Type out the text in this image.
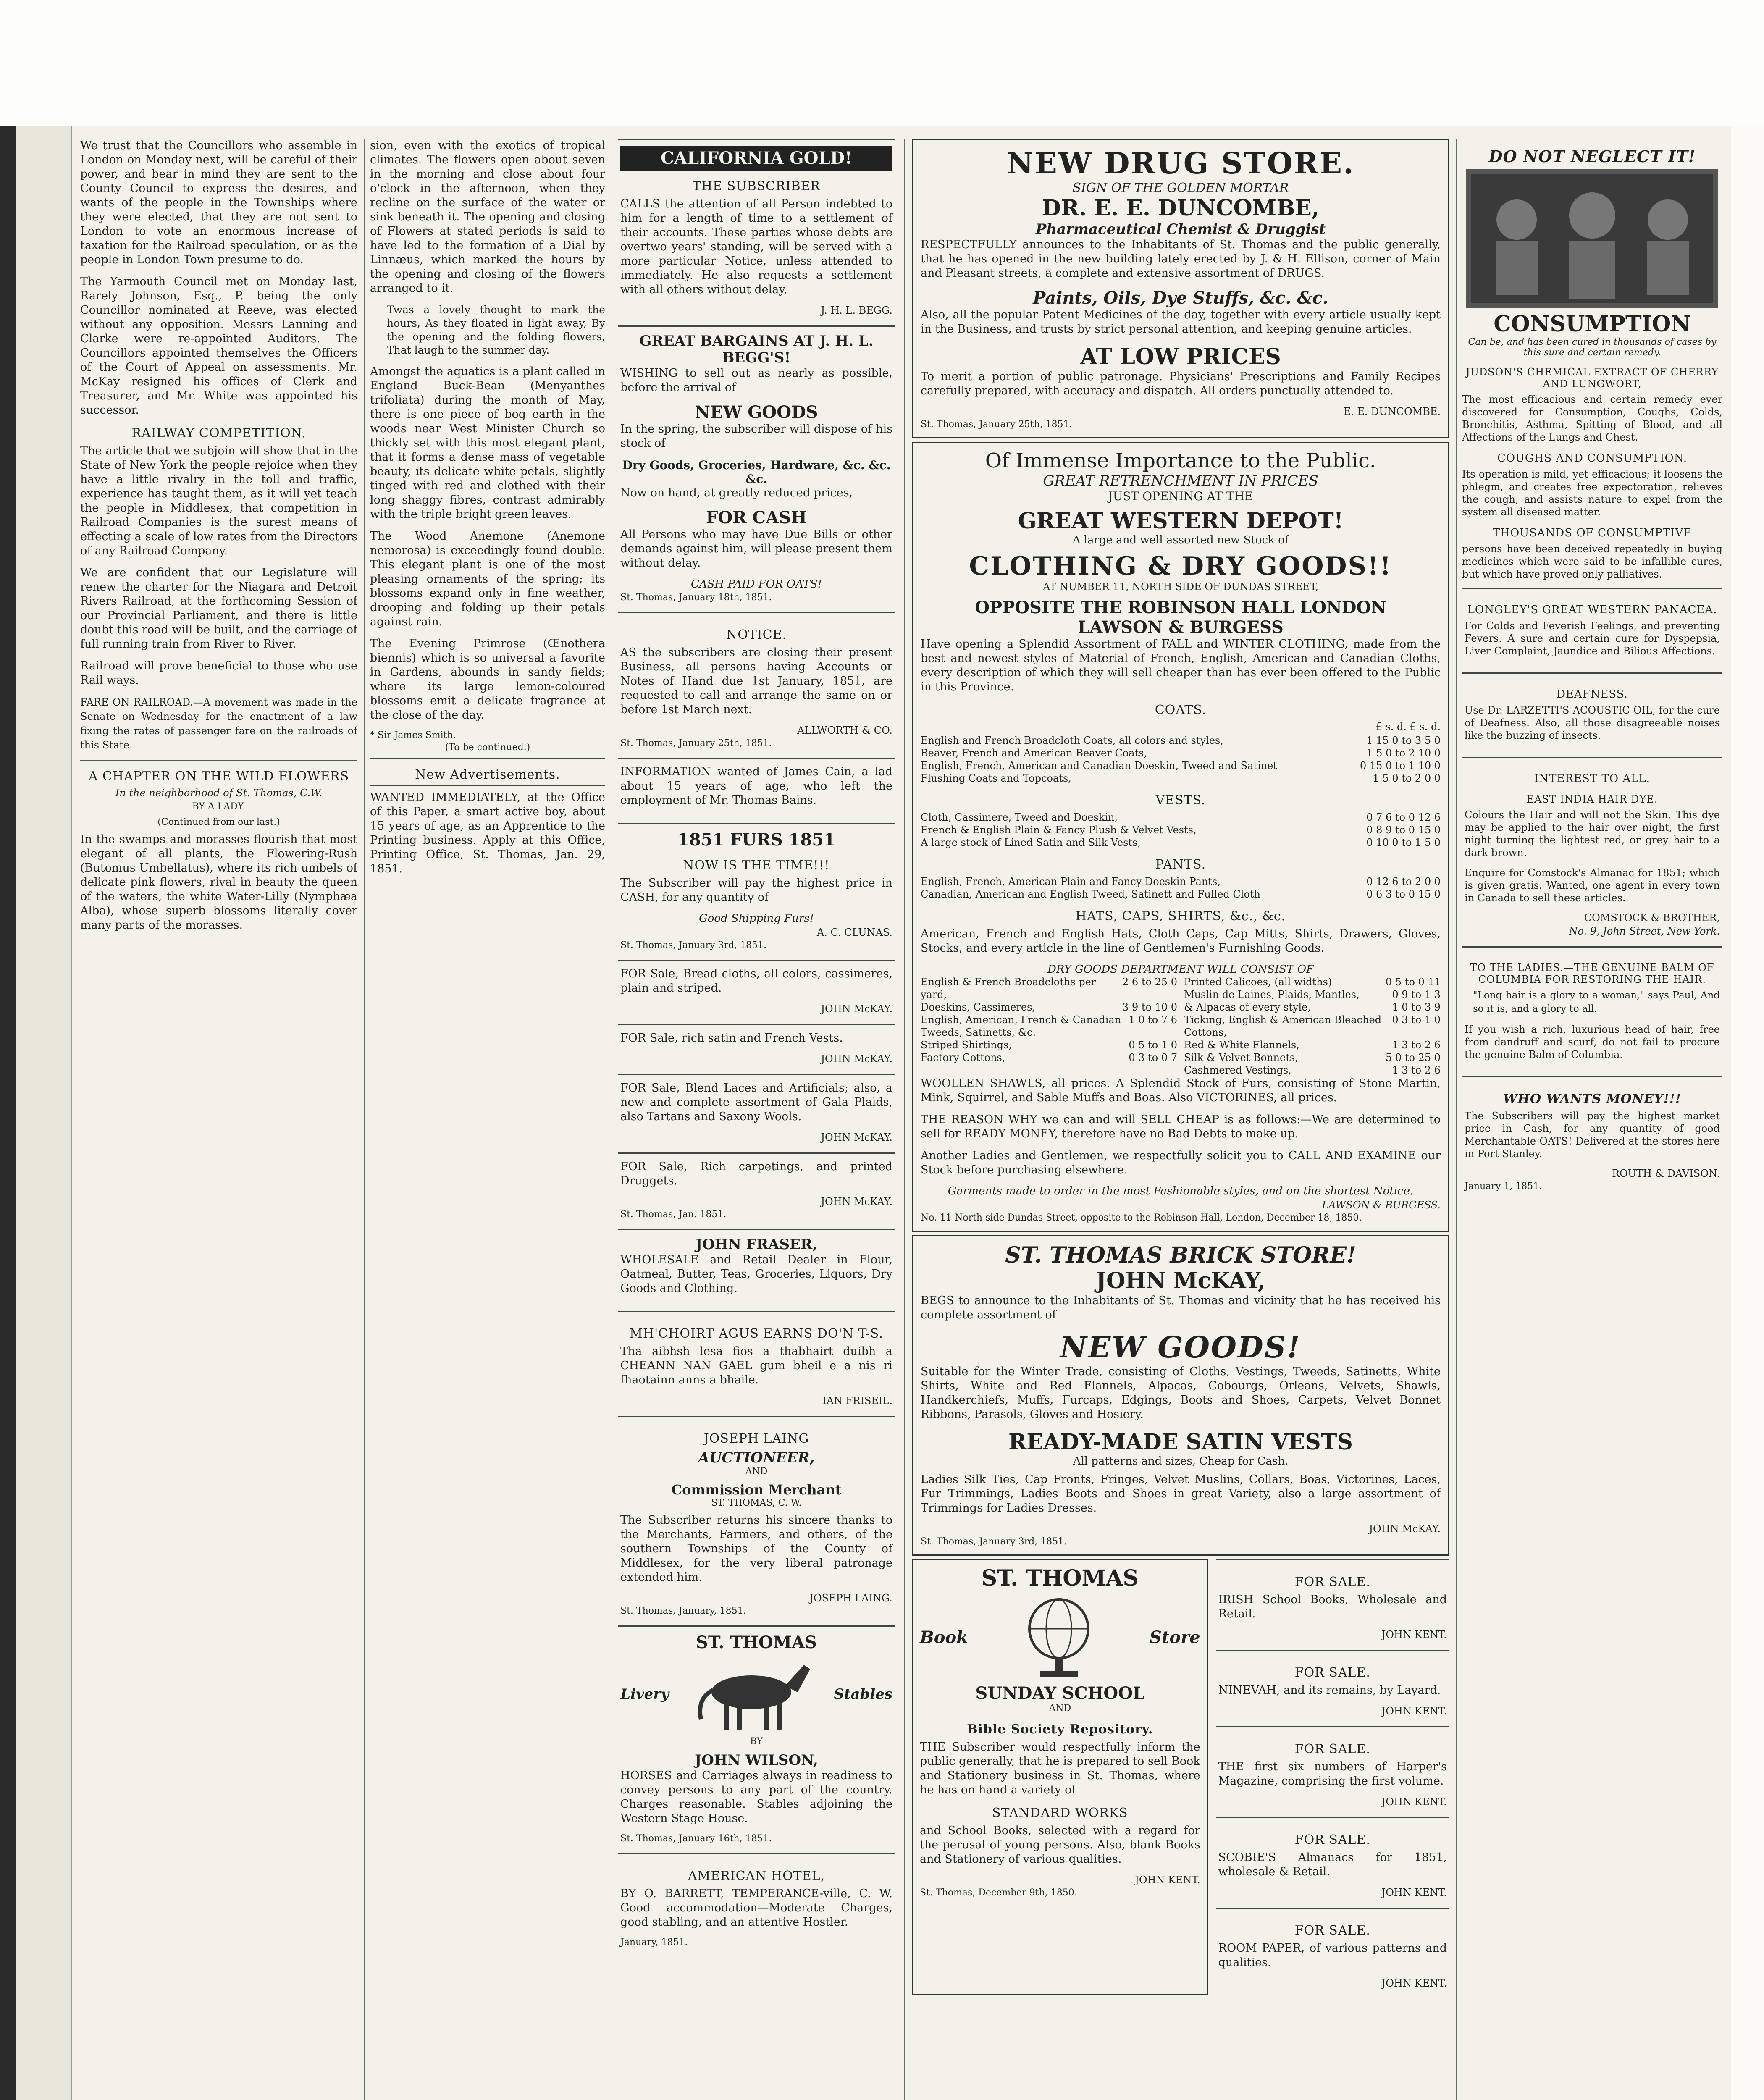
We trust that the Councillors who assemble in London on Monday next, will be careful of their power, and bear in mind they are sent to the County Council to express the desires, and wants of the people in the Townships where they were elected, that they are not sent to London to vote an enormous increase of taxation for the Railroad speculation, or as the people in London Town presume to do.

The Yarmouth Council met on Monday last, Rarely Johnson, Esq., P. being the only Councillor nominated at Reeve, was elected without any opposition. Messrs Lanning and Clarke were re-appointed Auditors. The Councillors appointed themselves the Officers of the Court of Appeal on assessments. Mr. McKay resigned his offices of Clerk and Treasurer, and Mr. White was appointed his successor.

RAILWAY COMPETITION.

The article that we subjoin will show that in the State of New York the people rejoice when they have a little rivalry in the toll and traffic, experience has taught them, as it will yet teach the people in Middlesex, that competition in Railroad Companies is the surest means of effecting a scale of low rates from the Directors of any Railroad Company.

We are confident that our Legislature will renew the charter for the Niagara and Detroit Rivers Railroad, at the forthcoming Session of our Provincial Parliament, and there is little doubt this road will be built, and the carriage of full running train from River to River.

Railroad will prove beneficial to those who use Rail ways.

FARE ON RAILROAD.—A movement was made in the Senate on Wednesday for the enactment of a law fixing the rates of passenger fare on the railroads of this State.

A CHAPTER ON THE WILD FLOWERS
In the neighborhood of St. Thomas, C.W.
BY A LADY.
(Continued from our last.)

In the swamps and morasses flourish that most elegant of all plants, the Flowering-Rush (Butomus Umbellatus), where its rich umbels of delicate pink flowers, rival in beauty the queen of the waters, the white Water-Lilly (Nymphæa Alba), whose superb blossoms literally cover many parts of the morasses.

sion, even with the exotics of tropical climates. The flowers open about seven in the morning and close about four o'clock in the afternoon, when they recline on the surface of the water or sink beneath it. The opening and closing of Flowers at stated periods is said to have led to the formation of a Dial by Linnæus, which marked the hours by the opening and closing of the flowers arranged to it.

Twas a lovely thought to mark the hours, As they floated in light away, By the opening and the folding flowers, That laugh to the summer day.

Amongst the aquatics is a plant called in England Buck-Bean (Menyanthes trifoliata) during the month of May, there is one piece of bog earth in the woods near West Minister Church so thickly set with this most elegant plant, that it forms a dense mass of vegetable beauty, its delicate white petals, slightly tinged with red and clothed with their long shaggy fibres, contrast admirably with the triple bright green leaves.

The Wood Anemone (Anemone nemorosa) is exceedingly found double. This elegant plant is one of the most pleasing ornaments of the spring; its blossoms expand only in fine weather, drooping and folding up their petals against rain.

The Evening Primrose (Œnothera biennis) which is so universal a favorite in Gardens, abounds in sandy fields; where its large lemon-coloured blossoms emit a delicate fragrance at the close of the day.

* Sir James Smith.
(To be continued.)
New Advertisements.

WANTED IMMEDIATELY, at the Office of this Paper, a smart active boy, about 15 years of age, as an Apprentice to the Printing business. Apply at this Office, Printing Office, St. Thomas, Jan. 29, 1851.

CALIFORNIA GOLD!
THE SUBSCRIBER

CALLS the attention of all Person indebted to him for a length of time to a settlement of their accounts. These parties whose debts are overtwo years' standing, will be served with a more particular Notice, unless attended to immediately. He also requests a settlement with all others without delay.

J. H. L. BEGG.
GREAT BARGAINS AT J. H. L. BEGG'S!

WISHING to sell out as nearly as possible, before the arrival of

NEW GOODS

In the spring, the subscriber will dispose of his stock of

Dry Goods, Groceries, Hardware, &c. &c. &c.

Now on hand, at greatly reduced prices,

FOR CASH

All Persons who may have Due Bills or other demands against him, will please present them without delay.

CASH PAID FOR OATS!
St. Thomas, January 18th, 1851.
NOTICE.

AS the subscribers are closing their present Business, all persons having Accounts or Notes of Hand due 1st January, 1851, are requested to call and arrange the same on or before 1st March next.

ALLWORTH & CO.
St. Thomas, January 25th, 1851.

INFORMATION wanted of James Cain, a lad about 15 years of age, who left the employment of Mr. Thomas Bains.

1851 FURS 1851
NOW IS THE TIME!!!

The Subscriber will pay the highest price in CASH, for any quantity of

Good Shipping Furs!
A. C. CLUNAS.
St. Thomas, January 3rd, 1851.

FOR Sale, Bread cloths, all colors, cassimeres, plain and striped.

JOHN McKAY.

FOR Sale, rich satin and French Vests.

JOHN McKAY.

FOR Sale, Blend Laces and Artificials; also, a new and complete assortment of Gala Plaids, also Tartans and Saxony Wools.

JOHN McKAY.

FOR Sale, Rich carpetings, and printed Druggets.

JOHN McKAY.
St. Thomas, Jan. 1851.
JOHN FRASER,

WHOLESALE and Retail Dealer in Flour, Oatmeal, Butter, Teas, Groceries, Liquors, Dry Goods and Clothing.

MH'CHOIRT AGUS EARNS DO'N T-S.

Tha aibhsh lesa fios a thabhairt duibh a CHEANN NAN GAEL gum bheil e a nis ri fhaotainn anns a bhaile.

IAN FRISEIL.
JOSEPH LAING
AUCTIONEER,
AND
Commission Merchant
ST. THOMAS, C. W.

The Subscriber returns his sincere thanks to the Merchants, Farmers, and others, of the southern Townships of the County of Middlesex, for the very liberal patronage extended him.

JOSEPH LAING.
St. Thomas, January, 1851.
ST. THOMAS
Livery	Stables
BY
JOHN WILSON,

HORSES and Carriages always in readiness to convey persons to any part of the country. Charges reasonable. Stables adjoining the Western Stage House.

St. Thomas, January 16th, 1851.
AMERICAN HOTEL,

BY O. BARRETT, TEMPERANCE-ville, C. W. Good accommodation—Moderate Charges, good stabling, and an attentive Hostler.

January, 1851.
NEW DRUG STORE.
SIGN OF THE GOLDEN MORTAR
DR. E. E. DUNCOMBE,
Pharmaceutical Chemist & Druggist

RESPECTFULLY announces to the Inhabitants of St. Thomas and the public generally, that he has opened in the new building lately erected by J. & H. Ellison, corner of Main and Pleasant streets, a complete and extensive assortment of DRUGS.

Paints, Oils, Dye Stuffs, &c. &c.

Also, all the popular Patent Medicines of the day, together with every article usually kept in the Business, and trusts by strict personal attention, and keeping genuine articles.

AT LOW PRICES

To merit a portion of public patronage. Physicians' Prescriptions and Family Recipes carefully prepared, with accuracy and dispatch. All orders punctually attended to.

E. E. DUNCOMBE.
St. Thomas, January 25th, 1851.
Of Immense Importance to the Public.
GREAT RETRENCHMENT IN PRICES
JUST OPENING AT THE
GREAT WESTERN DEPOT!
A large and well assorted new Stock of
CLOTHING & DRY GOODS!!
AT NUMBER 11, NORTH SIDE OF DUNDAS STREET,
OPPOSITE THE ROBINSON HALL LONDON
LAWSON & BURGESS

Have opening a Splendid Assortment of FALL and WINTER CLOTHING, made from the best and newest styles of Material of French, English, American and Canadian Cloths, every description of which they will sell cheaper than has ever been offered to the Public in this Province.

COATS.
£ s. d. £ s. d.
English and French Broadcloth Coats, all colors and styles,	1 15 0 to 3 5 0
Beaver, French and American Beaver Coats,	1 5 0 to 2 10 0
English, French, American and Canadian Doeskin, Tweed and Satinet	0 15 0 to 1 10 0
Flushing Coats and Topcoats,	1 5 0 to 2 0 0
VESTS.
Cloth, Cassimere, Tweed and Doeskin,	0 7 6 to 0 12 6
French & English Plain & Fancy Plush & Velvet Vests,	0 8 9 to 0 15 0
A large stock of Lined Satin and Silk Vests,	0 10 0 to 1 5 0
PANTS.
English, French, American Plain and Fancy Doeskin Pants,	0 12 6 to 2 0 0
Canadian, American and English Tweed, Satinett and Fulled Cloth	0 6 3 to 0 15 0
HATS, CAPS, SHIRTS, &c., &c.

American, French and English Hats, Cloth Caps, Cap Mitts, Shirts, Drawers, Gloves, Stocks, and every article in the line of Gentlemen's Furnishing Goods.

DRY GOODS DEPARTMENT WILL CONSIST OF
English & French Broadcloths per yard,
2 6 to 25 0
Doeskins, Cassimeres,	3 9 to 10 0
English, American, French & Canadian Tweeds, Satinetts, &c.
1 0 to 7 6
Striped Shirtings,	0 5 to 1 0
Factory Cottons,	0 3 to 0 7
Printed Calicoes, (all widths)	0 5 to 0 11
Muslin de Laines, Plaids, Mantles,	0 9 to 1 3
& Alpacas of every style,	1 0 to 3 9
Ticking, English & American Bleached Cottons,
0 3 to 1 0
Red & White Flannels,	1 3 to 2 6
Silk & Velvet Bonnets,	5 0 to 25 0
Cashmered Vestings,	1 3 to 2 6

WOOLLEN SHAWLS, all prices. A Splendid Stock of Furs, consisting of Stone Martin, Mink, Squirrel, and Sable Muffs and Boas. Also VICTORINES, all prices.

THE REASON WHY we can and will SELL CHEAP is as follows:—We are determined to sell for READY MONEY, therefore have no Bad Debts to make up.

Another Ladies and Gentlemen, we respectfully solicit you to CALL AND EXAMINE our Stock before purchasing elsewhere.

Garments made to order in the most Fashionable styles, and on the shortest Notice.
LAWSON & BURGESS.
No. 11 North side Dundas Street, opposite to the Robinson Hall, London, December 18, 1850.
ST. THOMAS BRICK STORE!
JOHN McKAY,

BEGS to announce to the Inhabitants of St. Thomas and vicinity that he has received his complete assortment of

NEW GOODS!

Suitable for the Winter Trade, consisting of Cloths, Vestings, Tweeds, Satinetts, White Shirts, White and Red Flannels, Alpacas, Cobourgs, Orleans, Velvets, Shawls, Handkerchiefs, Muffs, Furcaps, Edgings, Boots and Shoes, Carpets, Velvet Bonnet Ribbons, Parasols, Gloves and Hosiery.

READY-MADE SATIN VESTS
All patterns and sizes, Cheap for Cash.

Ladies Silk Ties, Cap Fronts, Fringes, Velvet Muslins, Collars, Boas, Victorines, Laces, Fur Trimmings, Ladies Boots and Shoes in great Variety, also a large assortment of Trimmings for Ladies Dresses.

JOHN McKAY.
St. Thomas, January 3rd, 1851.
ST. THOMAS
Book	Store
SUNDAY SCHOOL
AND
Bible Society Repository.

THE Subscriber would respectfully inform the public generally, that he is prepared to sell Book and Stationery business in St. Thomas, where he has on hand a variety of

STANDARD WORKS

and School Books, selected with a regard for the perusal of young persons. Also, blank Books and Stationery of various qualities.

JOHN KENT.
St. Thomas, December 9th, 1850.
FOR SALE.

IRISH School Books, Wholesale and Retail.

JOHN KENT.
FOR SALE.

NINEVAH, and its remains, by Layard.

JOHN KENT.
FOR SALE.

THE first six numbers of Harper's Magazine, comprising the first volume.

JOHN KENT.
FOR SALE.

SCOBIE'S Almanacs for 1851, wholesale & Retail.

JOHN KENT.
FOR SALE.

ROOM PAPER, of various patterns and qualities.

JOHN KENT.
DO NOT NEGLECT IT!
CONSUMPTION
Can be, and has been cured in thousands of cases by this sure and certain remedy.
JUDSON'S CHEMICAL EXTRACT OF CHERRY AND LUNGWORT,

The most efficacious and certain remedy ever discovered for Consumption, Coughs, Colds, Bronchitis, Asthma, Spitting of Blood, and all Affections of the Lungs and Chest.

COUGHS AND CONSUMPTION.

Its operation is mild, yet efficacious; it loosens the phlegm, and creates free expectoration, relieves the cough, and assists nature to expel from the system all diseased matter.

THOUSANDS OF CONSUMPTIVE

persons have been deceived repeatedly in buying medicines which were said to be infallible cures, but which have proved only palliatives.

LONGLEY'S GREAT WESTERN PANACEA.

For Colds and Feverish Feelings, and preventing Fevers. A sure and certain cure for Dyspepsia, Liver Complaint, Jaundice and Bilious Affections.

DEAFNESS.

Use Dr. LARZETTI'S ACOUSTIC OIL, for the cure of Deafness. Also, all those disagreeable noises like the buzzing of insects.

INTEREST TO ALL.
EAST INDIA HAIR DYE.

Colours the Hair and will not the Skin. This dye may be applied to the hair over night, the first night turning the lightest red, or grey hair to a dark brown.

Enquire for Comstock's Almanac for 1851; which is given gratis. Wanted, one agent in every town in Canada to sell these articles.

COMSTOCK & BROTHER,
No. 9, John Street, New York.
TO THE LADIES.—THE GENUINE BALM OF COLUMBIA FOR RESTORING THE HAIR.

"Long hair is a glory to a woman," says Paul, And so it is, and a glory to all.

If you wish a rich, luxurious head of hair, free from dandruff and scurf, do not fail to procure the genuine Balm of Columbia.

WHO WANTS MONEY!!!

The Subscribers will pay the highest market price in Cash, for any quantity of good Merchantable OATS! Delivered at the stores here in Port Stanley.

ROUTH & DAVISON.
January 1, 1851.
